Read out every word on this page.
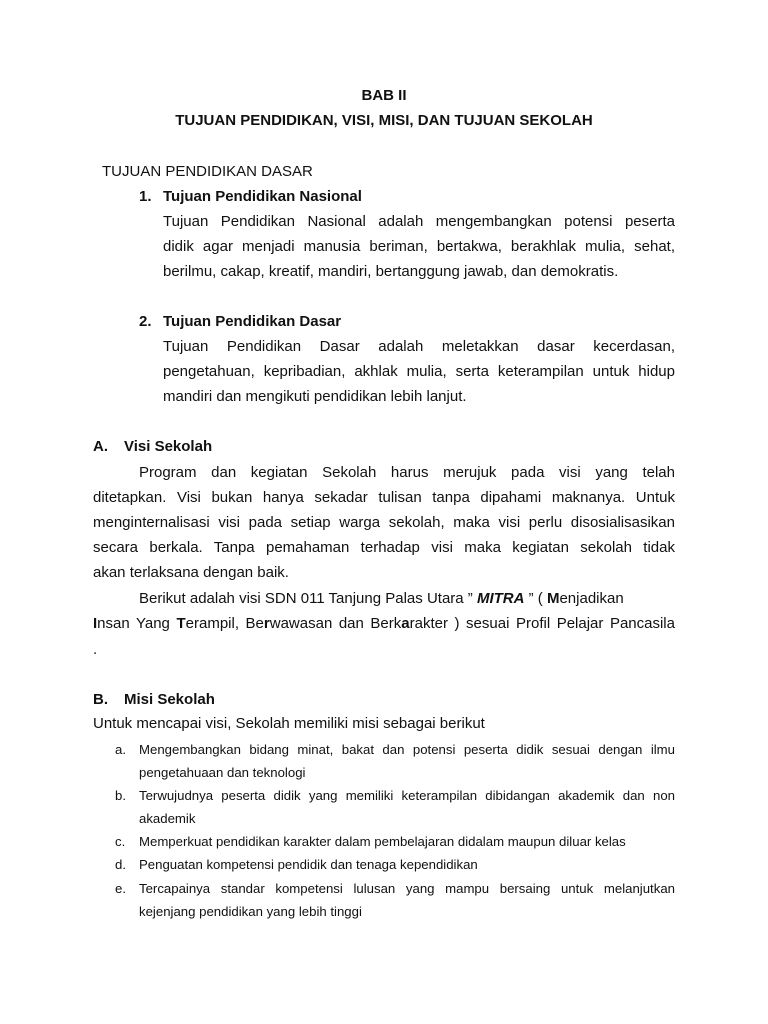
BAB II
TUJUAN PENDIDIKAN, VISI, MISI, DAN TUJUAN SEKOLAH
TUJUAN PENDIDIKAN DASAR
1. Tujuan Pendidikan Nasional
Tujuan Pendidikan Nasional adalah mengembangkan potensi peserta
didik agar menjadi manusia beriman, bertakwa, berakhlak mulia, sehat,
berilmu, cakap, kreatif, mandiri, bertanggung jawab, dan demokratis.
2. Tujuan Pendidikan Dasar
Tujuan Pendidikan Dasar adalah meletakkan dasar kecerdasan,
pengetahuan, kepribadian, akhlak mulia, serta keterampilan untuk hidup
mandiri dan mengikuti pendidikan lebih lanjut.
A. Visi Sekolah
Program dan kegiatan Sekolah harus merujuk pada visi yang telah
ditetapkan. Visi bukan hanya sekadar tulisan tanpa dipahami maknanya. Untuk
menginternalisasi visi pada setiap warga sekolah, maka visi perlu disosialisasikan
secara berkala. Tanpa pemahaman terhadap visi maka kegiatan sekolah tidak
akan terlaksana dengan baik.
Berikut adalah visi SDN 011 Tanjung Palas Utara ” MITRA ” ( Menjadikan
Insan Yang Terampil, Berwawasan dan Berkarakter ) sesuai Profil Pelajar Pancasila
.
B. Misi Sekolah
Untuk mencapai visi, Sekolah memiliki misi sebagai berikut
a. Mengembangkan bidang minat, bakat dan potensi peserta didik sesuai dengan ilmu
pengetahuaan dan teknologi
b. Terwujudnya peserta didik yang memiliki keterampilan dibidangan akademik dan non
akademik
c.	Memperkuat pendidikan karakter dalam pembelajaran didalam maupun diluar kelas
d. Penguatan kompetensi pendidik dan tenaga kependidikan
e. Tercapainya standar kompetensi lulusan yang mampu bersaing untuk melanjutkan
kejenjang pendidikan yang lebih tinggi
